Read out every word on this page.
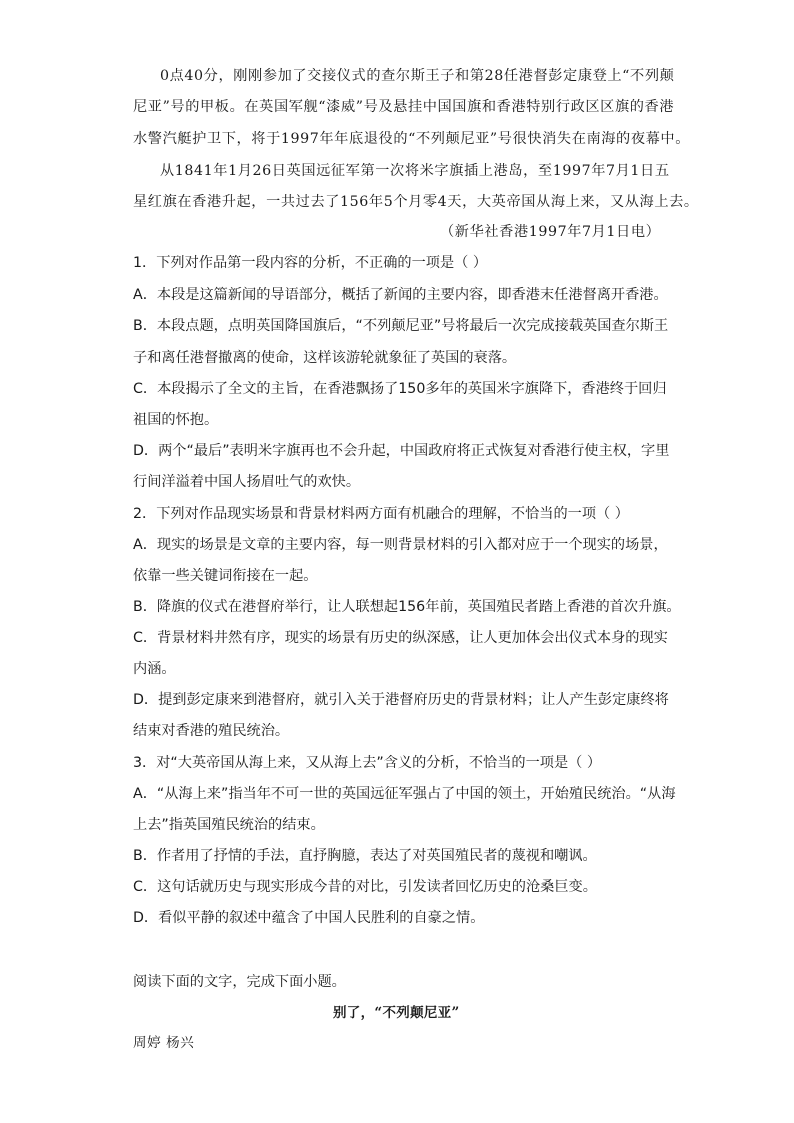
0点40分，刚刚参加了交接仪式的查尔斯王子和第28任港督彭定康登上“不列颠
尼亚”号的甲板。在英国军舰“漆威”号及悬挂中国国旗和香港特别行政区区旗的香港
水警汽艇护卫下，将于1997年年底退役的“不列颠尼亚”号很快消失在南海的夜幕中。
从1841年1月26日英国远征军第一次将米字旗插上港岛，至1997年7月1日五
星红旗在香港升起，一共过去了156年5个月零4天，大英帝国从海上来，又从海上去。
（新华社香港1997年7月1日电）
1．下列对作品第一段内容的分析，不正确的一项是（ ）
A．本段是这篇新闻的导语部分，概括了新闻的主要内容，即香港末任港督离开香港。
B．本段点题，点明英国降国旗后，“不列颠尼亚”号将最后一次完成接载英国查尔斯王
子和离任港督撤离的使命，这样该游轮就象征了英国的衰落。
C．本段揭示了全文的主旨，在香港飘扬了150多年的英国米字旗降下，香港终于回归
祖国的怀抱。
D．两个“最后”表明米字旗再也不会升起，中国政府将正式恢复对香港行使主权，字里
行间洋溢着中国人扬眉吐气的欢快。
2．下列对作品现实场景和背景材料两方面有机融合的理解，不恰当的一项（ ）
A．现实的场景是文章的主要内容，每一则背景材料的引入都对应于一个现实的场景，
依靠一些关键词衔接在一起。
B．降旗的仪式在港督府举行，让人联想起156年前，英国殖民者踏上香港的首次升旗。
C．背景材料井然有序，现实的场景有历史的纵深感，让人更加体会出仪式本身的现实
内涵。
D．提到彭定康来到港督府，就引入关于港督府历史的背景材料；让人产生彭定康终将
结束对香港的殖民统治。
3．对“大英帝国从海上来，又从海上去”含义的分析，不恰当的一项是（ ）
A．“从海上来”指当年不可一世的英国远征军强占了中国的领土，开始殖民统治。“从海
上去”指英国殖民统治的结束。
B．作者用了抒情的手法，直抒胸臆，表达了对英国殖民者的蔑视和嘲讽。
C．这句话就历史与现实形成今昔的对比，引发读者回忆历史的沧桑巨变。
D．看似平静的叙述中蕴含了中国人民胜利的自豪之情。
阅读下面的文字，完成下面小题。
别了，“不列颠尼亚”
周婷 杨兴
